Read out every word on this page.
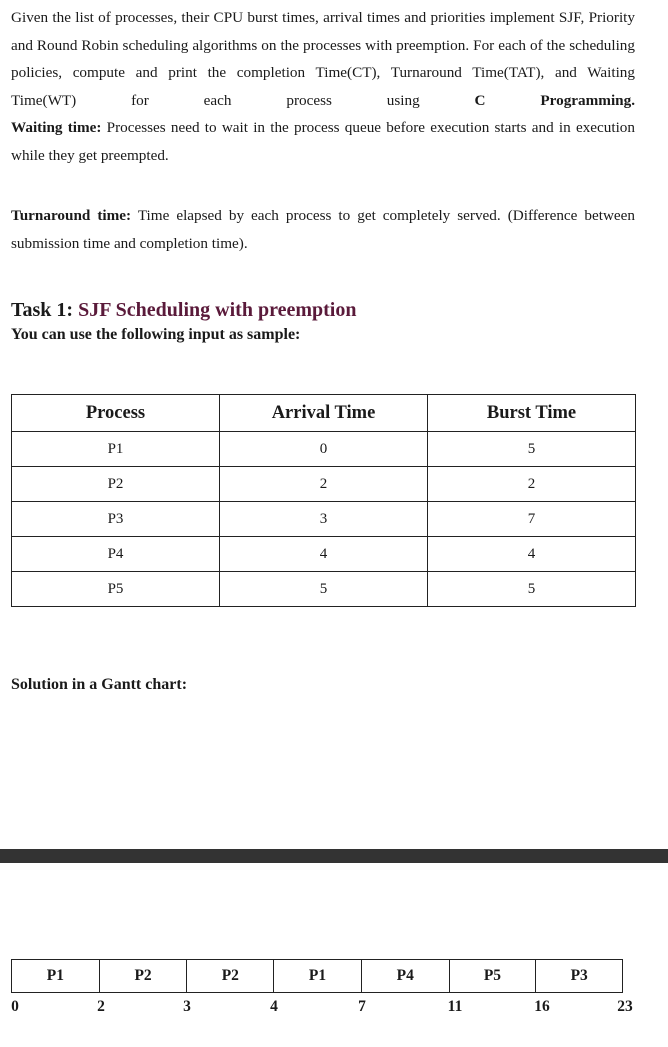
Given the list of processes, their CPU burst times, arrival times and priorities implement SJF, Priority and Round Robin scheduling algorithms on the processes with preemption. For each of the scheduling policies, compute and print the completion Time(CT), Turnaround Time(TAT), and Waiting Time(WT) for each process using C Programming.
Waiting time: Processes need to wait in the process queue before execution starts and in execution while they get preempted.
Turnaround time: Time elapsed by each process to get completely served. (Difference between submission time and completion time).
Task 1: SJF Scheduling with preemption
You can use the following input as sample:
Process	Arrival Time	Burst Time
P1	0	5
P2	2	2
P3	3	7
P4	4	4
P5	5	5
Solution in a Gantt chart:
P1	P2	P2	P1	P4	P5	P3
0	2	3	4	7	11	16	23
